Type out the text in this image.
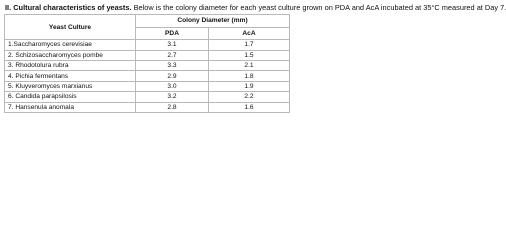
II. Cultural characteristics of yeasts. Below is the colony diameter for each yeast culture grown on PDA and AcA incubated at 35°C measured at Day 7.

Yeast Culture	Colony Diameter (mm)	
	PDA	AcA
1.Saccharomyces cerevisiae	3.1	1.7
2. Schizosaccharomyces pombe	2.7	1.5
3. Rhodotolura rubra	3.3	2.1
4. Pichia fermentans	2.9	1.8
5. Kluyveromyces marxianus	3.0	1.9
6. Candida parapsilosis	3.2	2.2
7. Hansenula anomala	2.8	1.6
